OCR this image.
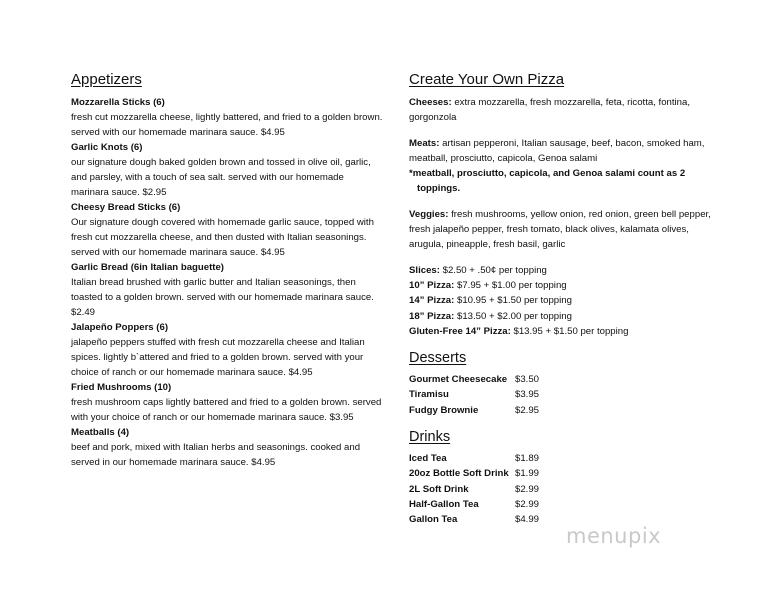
Appetizers
Mozzarella Sticks (6)
fresh cut mozzarella cheese, lightly battered, and fried to a golden brown. served with our homemade marinara sauce. $4.95
Garlic Knots (6)
our signature dough baked golden brown and tossed in olive oil, garlic, and parsley, with a touch of sea salt. served with our homemade marinara sauce. $2.95
Cheesy Bread Sticks (6)
Our signature dough covered with homemade garlic sauce, topped with fresh cut mozzarella cheese, and then dusted with Italian seasonings. served with our homemade marinara sauce. $4.95
Garlic Bread (6in Italian baguette)
Italian bread brushed with garlic butter and Italian seasonings, then toasted to a golden brown. served with our homemade marinara sauce. $2.49
Jalapeño Poppers (6)
jalapeño peppers stuffed with fresh cut mozzarella cheese and Italian spices. lightly b`attered and fried to a golden brown. served with your choice of ranch or our homemade marinara sauce. $4.95
Fried Mushrooms (10)
fresh mushroom caps lightly battered and fried to a golden brown. served with your choice of ranch or our homemade marinara sauce. $3.95
Meatballs (4)
beef and pork, mixed with Italian herbs and seasonings. cooked and served in our homemade marinara sauce. $4.95
Create Your Own Pizza
Cheeses: extra mozzarella, fresh mozzarella, feta, ricotta, fontina, gorgonzola
Meats: artisan pepperoni, Italian sausage, beef, bacon, smoked ham, meatball, prosciutto, capicola, Genoa salami
*meatball, prosciutto, capicola, and Genoa salami count as 2
toppings.
Veggies: fresh mushrooms, yellow onion, red onion, green bell pepper, fresh jalapeño pepper, fresh tomato, black olives, kalamata olives, arugula, pineapple, fresh basil, garlic
Slices: $2.50 + .50¢ per topping
10” Pizza: $7.95 + $1.00 per topping
14” Pizza: $10.95 + $1.50 per topping
18” Pizza: $13.50 + $2.00 per topping
Gluten-Free 14” Pizza: $13.95 + $1.50 per topping
Desserts
Gourmet Cheesecake	$3.50
Tiramisu	$3.95
Fudgy Brownie	$2.95
Drinks
Iced Tea	$1.89
20oz Bottle Soft Drink	$1.99
2L Soft Drink	$2.99
Half-Gallon Tea	$2.99
Gallon Tea	$4.99
menupix
